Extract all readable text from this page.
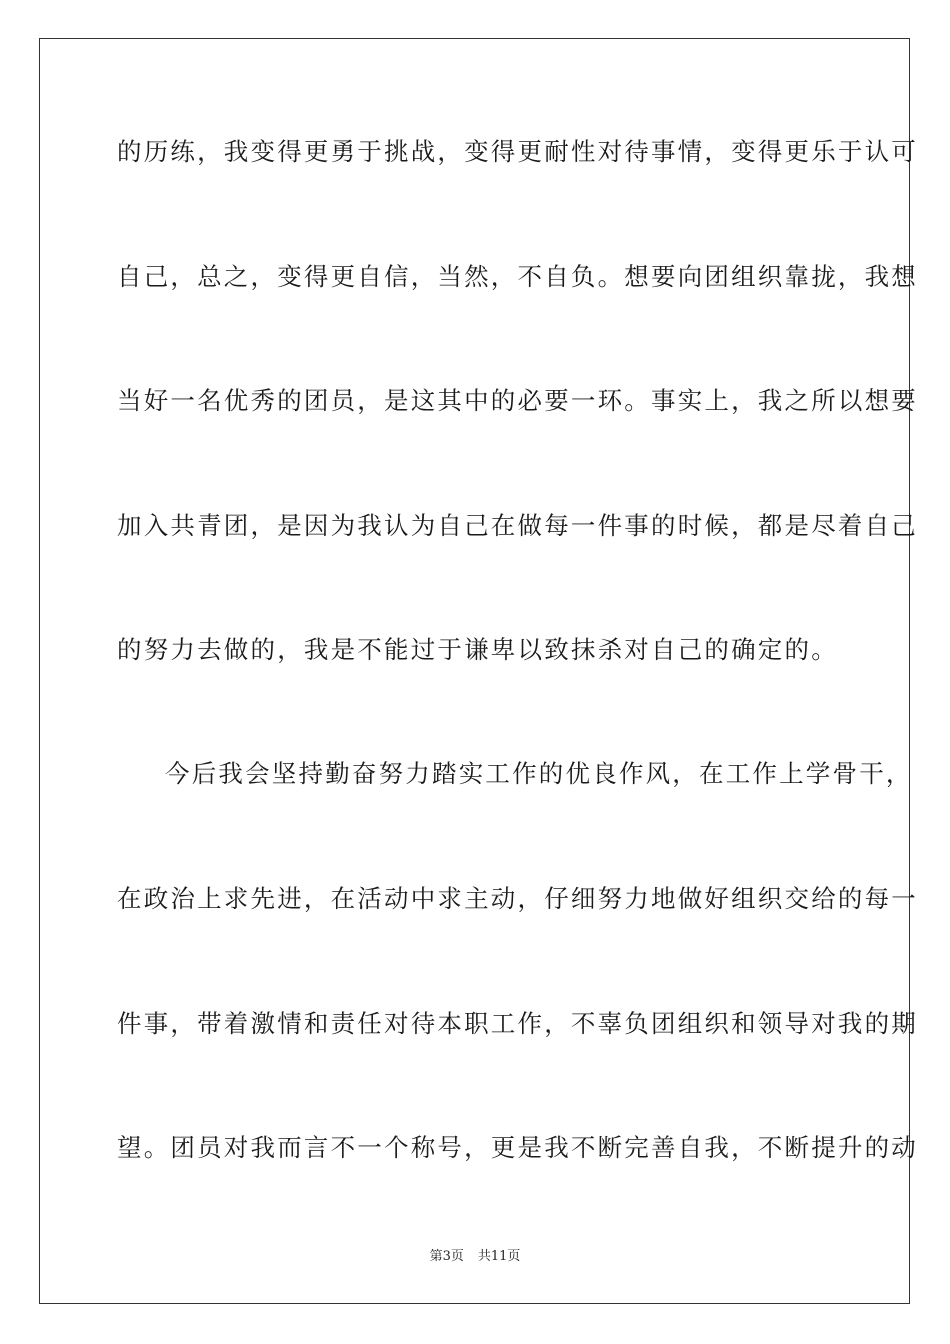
的历练，我变得更勇于挑战，变得更耐性对待事情，变得更乐于认可
自己，总之，变得更自信，当然，不自负。想要向团组织靠拢，我想
当好一名优秀的团员，是这其中的必要一环。事实上，我之所以想要
加入共青团，是因为我认为自己在做每一件事的时候，都是尽着自己
的努力去做的，我是不能过于谦卑以致抹杀对自己的确定的。
今后我会坚持勤奋努力踏实工作的优良作风，在工作上学骨干，
在政治上求先进，在活动中求主动，仔细努力地做好组织交给的每一
件事，带着激情和责任对待本职工作，不辜负团组织和领导对我的期
望。团员对我而言不一个称号，更是我不断完善自我，不断提升的动
第3页 共11页
